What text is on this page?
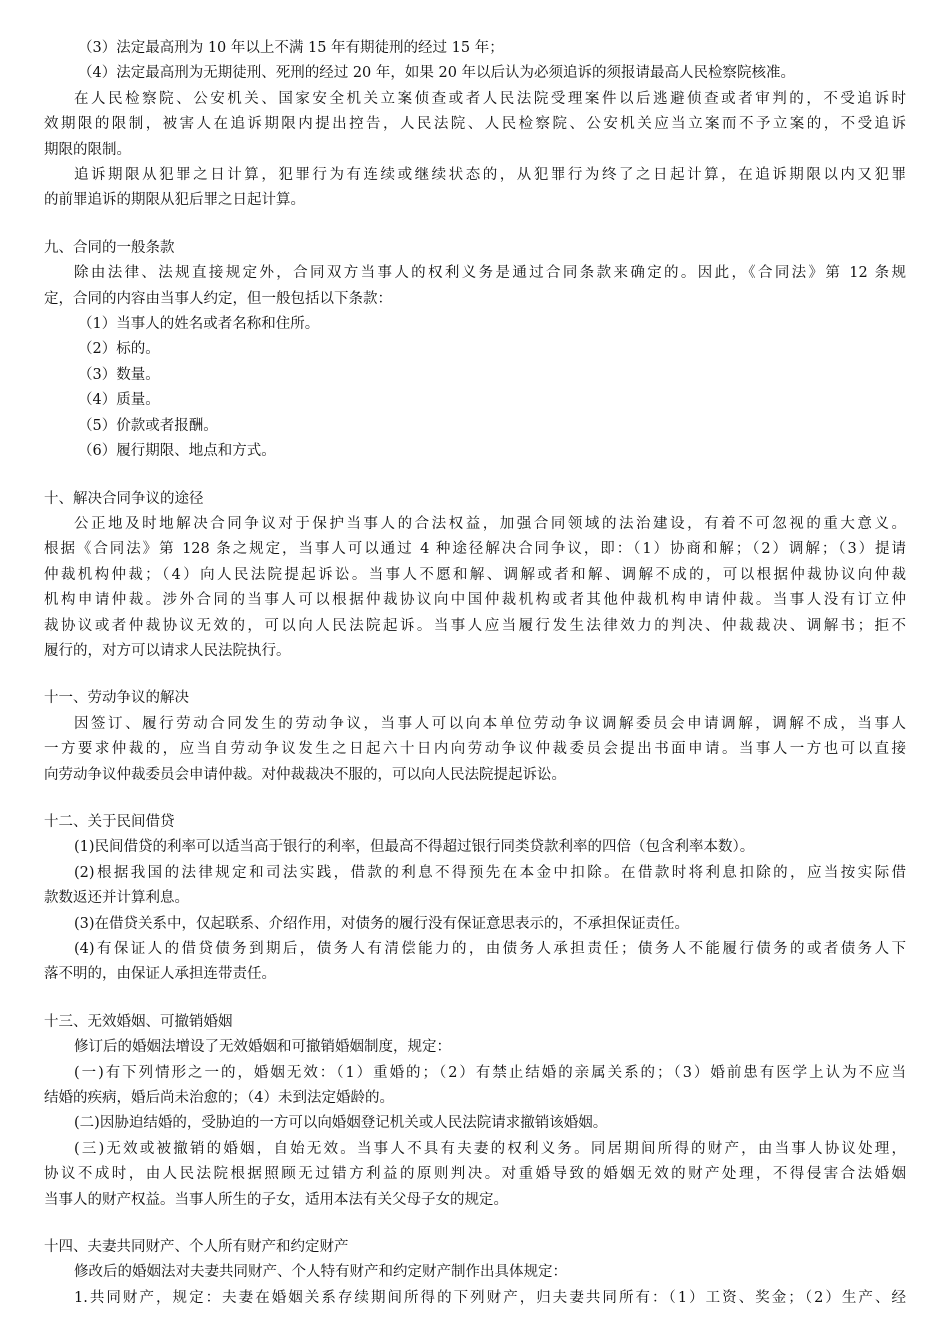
（3）法定最高刑为 10 年以上不满 15 年有期徒刑的经过 15 年；
（4）法定最高刑为无期徒刑、死刑的经过 20 年，如果 20 年以后认为必须追诉的须报请最高人民检察院核准。
在人民检察院、公安机关、国家安全机关立案侦查或者人民法院受理案件以后逃避侦查或者审判的，不受追诉时
效期限的限制，被害人在追诉期限内提出控告，人民法院、人民检察院、公安机关应当立案而不予立案的，不受追诉
期限的限制。
追诉期限从犯罪之日计算，犯罪行为有连续或继续状态的，从犯罪行为终了之日起计算，在追诉期限以内又犯罪
的前罪追诉的期限从犯后罪之日起计算。
九、合同的一般条款
除由法律、法规直接规定外，合同双方当事人的权利义务是通过合同条款来确定的。因此，《合同法》第 12 条规
定，合同的内容由当事人约定，但一般包括以下条款：
（1）当事人的姓名或者名称和住所。
（2）标的。
（3）数量。
（4）质量。
（5）价款或者报酬。
（6）履行期限、地点和方式。
十、解决合同争议的途径
公正地及时地解决合同争议对于保护当事人的合法权益，加强合同领域的法治建设，有着不可忽视的重大意义。
根据《合同法》第 128 条之规定，当事人可以通过 4 种途径解决合同争议，即：（1）协商和解；（2）调解；（3）提请
仲裁机构仲裁；（4）向人民法院提起诉讼。当事人不愿和解、调解或者和解、调解不成的，可以根据仲裁协议向仲裁
机构申请仲裁。涉外合同的当事人可以根据仲裁协议向中国仲裁机构或者其他仲裁机构申请仲裁。当事人没有订立仲
裁协议或者仲裁协议无效的，可以向人民法院起诉。当事人应当履行发生法律效力的判决、仲裁裁决、调解书；拒不
履行的，对方可以请求人民法院执行。
十一、劳动争议的解决
因签订、履行劳动合同发生的劳动争议，当事人可以向本单位劳动争议调解委员会申请调解，调解不成，当事人
一方要求仲裁的，应当自劳动争议发生之日起六十日内向劳动争议仲裁委员会提出书面申请。当事人一方也可以直接
向劳动争议仲裁委员会申请仲裁。对仲裁裁决不服的，可以向人民法院提起诉讼。
十二、关于民间借贷
(1)民间借贷的利率可以适当高于银行的利率，但最高不得超过银行同类贷款利率的四倍（包含利率本数）。
(2)根据我国的法律规定和司法实践，借款的利息不得预先在本金中扣除。在借款时将利息扣除的，应当按实际借
款数返还并计算利息。
(3)在借贷关系中，仅起联系、介绍作用，对债务的履行没有保证意思表示的，不承担保证责任。
(4)有保证人的借贷债务到期后，债务人有清偿能力的，由债务人承担责任；债务人不能履行债务的或者债务人下
落不明的，由保证人承担连带责任。
十三、无效婚姻、可撤销婚姻
修订后的婚姻法增设了无效婚姻和可撤销婚姻制度，规定：
(一)有下列情形之一的，婚姻无效：（1）重婚的；（2）有禁止结婚的亲属关系的；（3）婚前患有医学上认为不应当
结婚的疾病，婚后尚未治愈的；（4）未到法定婚龄的。
(二)因胁迫结婚的，受胁迫的一方可以向婚姻登记机关或人民法院请求撤销该婚姻。
(三)无效或被撤销的婚姻，自始无效。当事人不具有夫妻的权利义务。同居期间所得的财产，由当事人协议处理，
协议不成时，由人民法院根据照顾无过错方利益的原则判决。对重婚导致的婚姻无效的财产处理，不得侵害合法婚姻
当事人的财产权益。当事人所生的子女，适用本法有关父母子女的规定。
十四、夫妻共同财产、个人所有财产和约定财产
修改后的婚姻法对夫妻共同财产、个人特有财产和约定财产制作出具体规定：
1.共同财产，规定：夫妻在婚姻关系存续期间所得的下列财产，归夫妻共同所有：（1）工资、奖金；（2）生产、经
